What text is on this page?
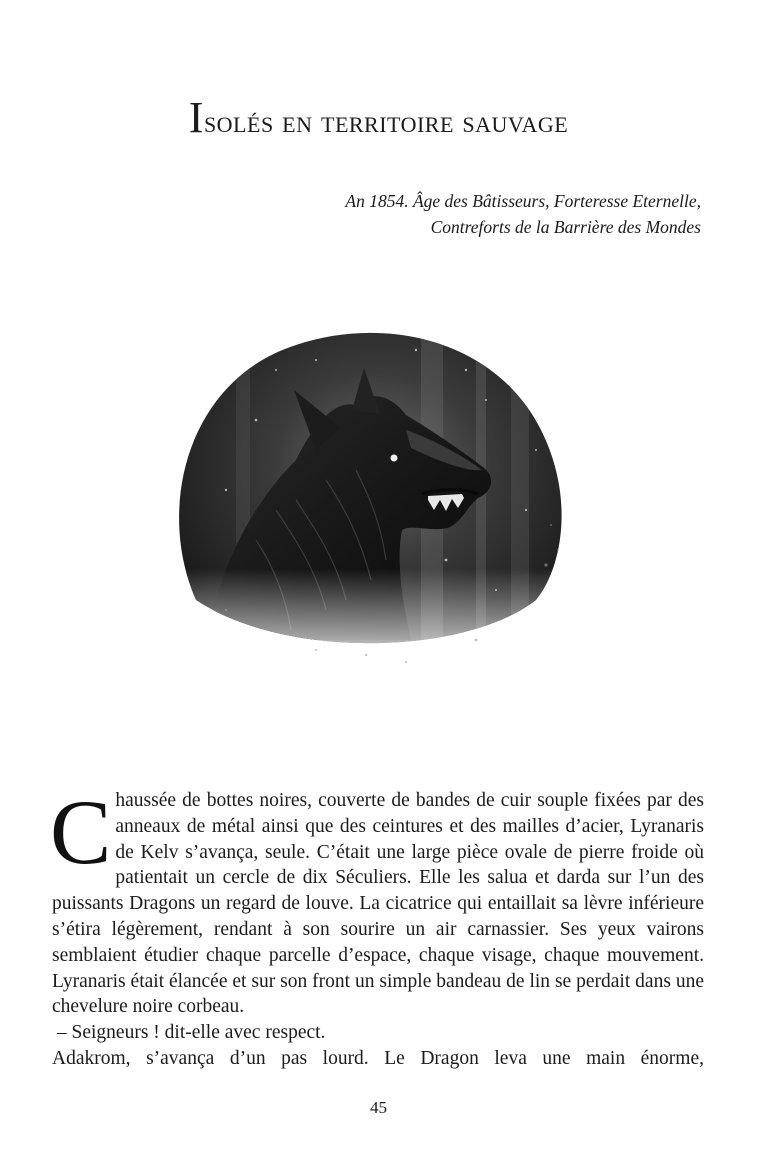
Isolés en territoire sauvage
An 1854. Âge des Bâtisseurs, Forteresse Eternelle,
Contreforts de la Barrière des Mondes

Chaussée de bottes noires, couverte de bandes de cuir souple fixées par des anneaux de métal ainsi que des ceintures et des mailles d’acier, Lyranaris de Kelv s’avança, seule. C’était une large pièce ovale de pierre froide où patientait un cercle de dix Séculiers. Elle les salua et darda sur l’un des puissants Dragons un regard de louve. La cicatrice qui entaillait sa lèvre inférieure s’étira légèrement, rendant à son sourire un air carnassier. Ses yeux vairons semblaient étudier chaque parcelle d’espace, chaque visage, chaque mouvement. Lyranaris était élancée et sur son front un simple bandeau de lin se perdait dans une chevelure noire corbeau.

– Seigneurs ! dit-elle avec respect.

Adakrom, s’avança d’un pas lourd. Le Dragon leva une main énorme,

45
